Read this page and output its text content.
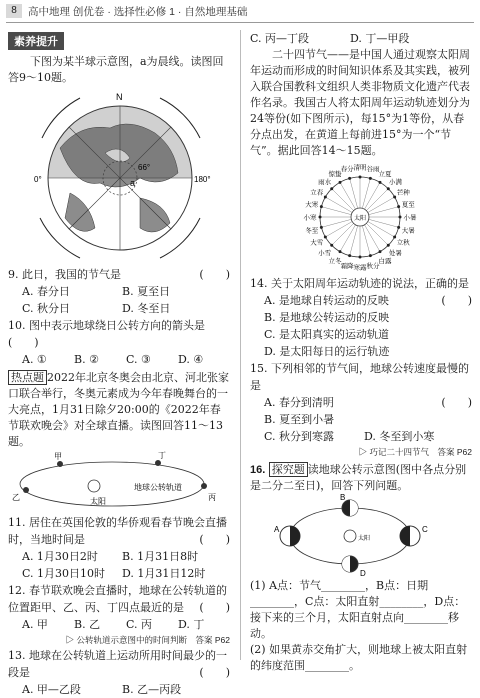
8	高中地理 创优卷 · 选择性必修 1 · 自然地理基础
素养提升

下图为某半球示意图，a为晨线。读图回答9～10题。

N
a
0°	180°
66°
(　　)
9. 此日，我国的节气是
A. 春分日	B. 夏至日
C. 秋分日	D. 冬至日
10. 图中表示地球绕日公转方向的箭头是(　　)
A. ① B. ② C. ③ D. ④

热点题 2022年北京冬奥会由北京、河北张家口联合举行，冬奥元素成为今年春晚舞台的一大亮点，1月31日除夕20:00的《2022年春节联欢晚会》对全球直播。读图回答11～13题。

甲	丁
乙	丙
太阳
地球公转轨道
11. 居住在英国伦敦的华侨观看春节晚会直播时，当地时间是	(　　)
A. 1月30日2时 B. 1月31日8时
C. 1月30日10时 D. 1月31日12时
12. 春节联欢晚会直播时，地球在公转轨道的位置距甲、乙、丙、丁四点最近的是 (　　)
A. 甲 B. 乙 C. 丙 D. 丁
▷ 公转轨道示意图中的时间判断　答案 P62
13. 地球在公转轨道上运动所用时间最少的一段是	(　　)
A. 甲—乙段	B. 乙—丙段
C. 丙—丁段	D. 丁—甲段

二十四节气——是中国人通过观察太阳周年运动而形成的时间知识体系及其实践，被列入联合国教科文组织人类非物质文化遗产代表作名录。我国古人将太阳周年运动轨迹划分为24等份(如下图所示)，每15°为1等份，从春分点出发，在黄道上每前进15°为一个“节气”。据此回答14～15题。

清明
春分
惊蛰
雨水
立春
大寒
小寒
冬至
大雪
小雪
立冬
霜降 寒露 秋分
白露
处暑
立秋
大暑
小暑
夏至
芒种
小满
立夏
谷雨
太阳
14. 关于太阳周年运动轨迹的说法，正确的是

(　　)
A. 是地球自转运动的反映
B. 是地球公转运动的反映
C. 是太阳真实的运动轨道
D. 是太阳每日的运行轨迹
15. 下列相邻的节气间，地球公转速度最慢的是

(　　)
A. 春分到清明B. 夏至到小暑
C. 秋分到寒露	D. 冬至到小寒
▷ 巧记二十四节气　答案 P62

16. 探究题 读地球公转示意图(图中各点分别是二分二至日)，回答下列问题。

A
B
C
D
太阳

(1) A点：节气________，B点：日期________，C点：太阳直射________，D点：接下来的三个月，太阳直射点向________移动。

(2) 如果黄赤交角扩大，则地球上被太阳直射的纬度范围________。
